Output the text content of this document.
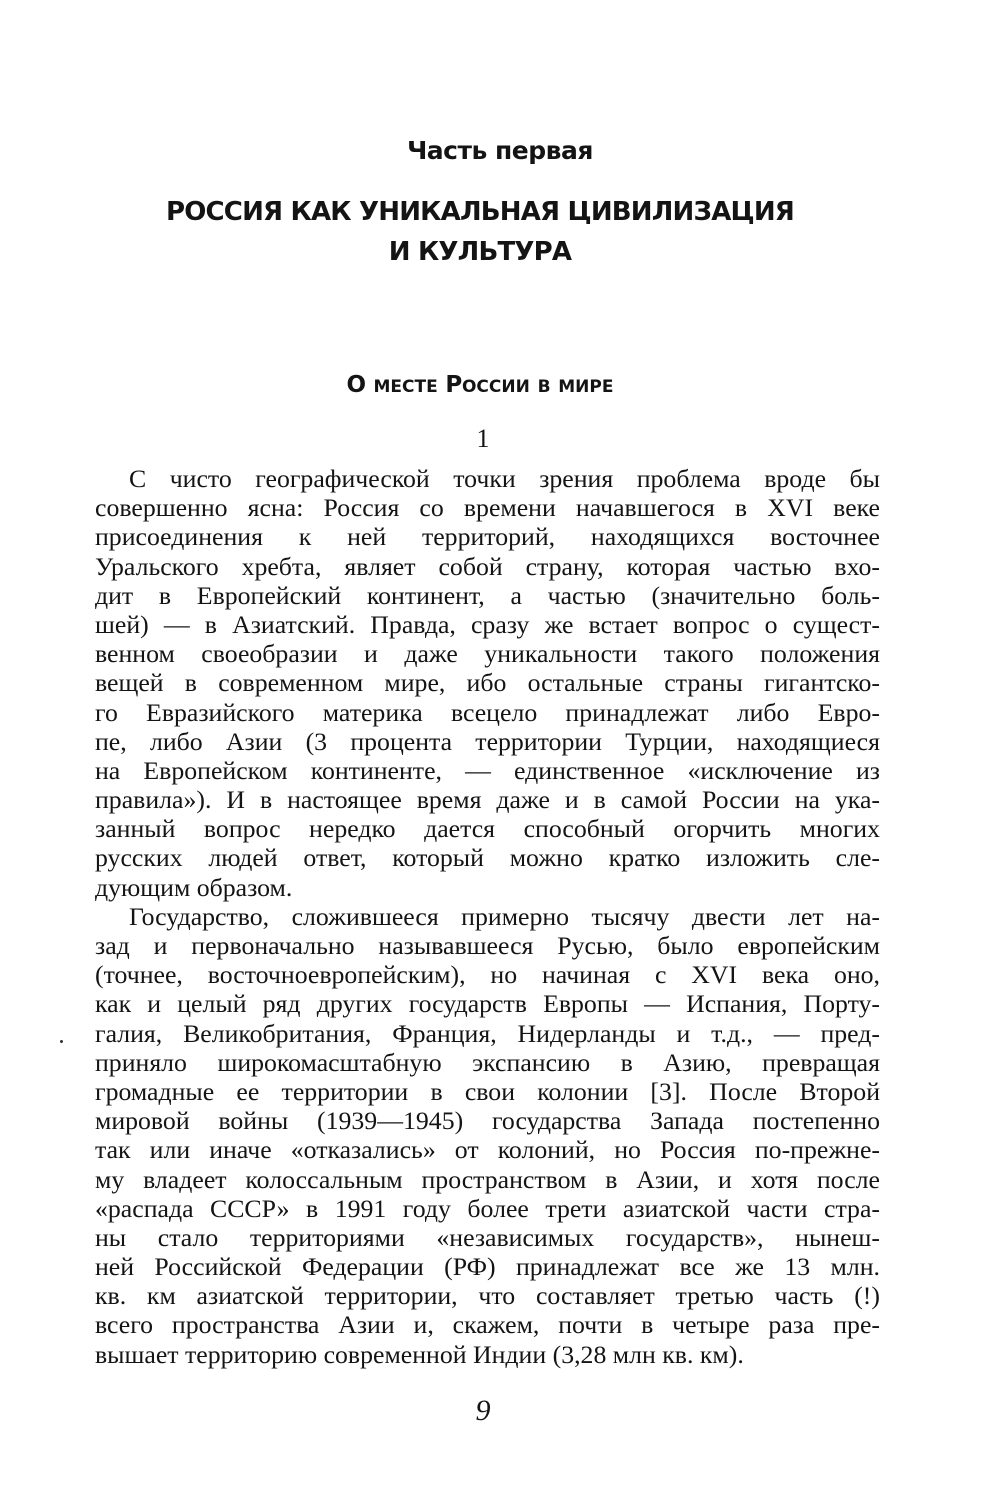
Часть первая
РОССИЯ КАК УНИКАЛЬНАЯ ЦИВИЛИЗАЦИЯ
И КУЛЬТУРА
О МЕСТЕ РОССИИ В МИРЕ
1
С чисто географической точки зрения проблема вроде бы
совершенно ясна: Россия со времени начавшегося в XVI веке
присоединения к ней территорий, находящихся восточнее
Уральского хребта, являет собой страну, которая частью вхо-
дит в Европейский континент, а частью (значительно боль-
шей) — в Азиатский. Правда, сразу же встает вопрос о сущест-
венном своеобразии и даже уникальности такого положения
вещей в современном мире, ибо остальные страны гигантско-
го Евразийского материка всецело принадлежат либо Евро-
пе, либо Азии (3 процента территории Турции, находящиеся
на Европейском континенте, — единственное «исключение из
правила»). И в настоящее время даже и в самой России на ука-
занный вопрос нередко дается способный огорчить многих
русских людей ответ, который можно кратко изложить сле-
дующим образом.
Государство, сложившееся примерно тысячу двести лет на-
зад и первоначально называвшееся Русью, было европейским
(точнее, восточноевропейским), но начиная с XVI века оно,
как и целый ряд других государств Европы — Испания, Порту-
галия, Великобритания, Франция, Нидерланды и т.д., — пред-
приняло широкомасштабную экспансию в Азию, превращая
громадные ее территории в свои колонии [3]. После Второй
мировой войны (1939—1945) государства Запада постепенно
так или иначе «отказались» от колоний, но Россия по-прежне-
му владеет колоссальным пространством в Азии, и хотя после
«распада СССР» в 1991 году более трети азиатской части стра-
ны стало территориями «независимых государств», нынеш-
ней Российской Федерации (РФ) принадлежат все же 13 млн.
кв. км азиатской территории, что составляет третью часть (!)
всего пространства Азии и, скажем, почти в четыре раза пре-
вышает территорию современной Индии (3,28 млн кв. км).
9
